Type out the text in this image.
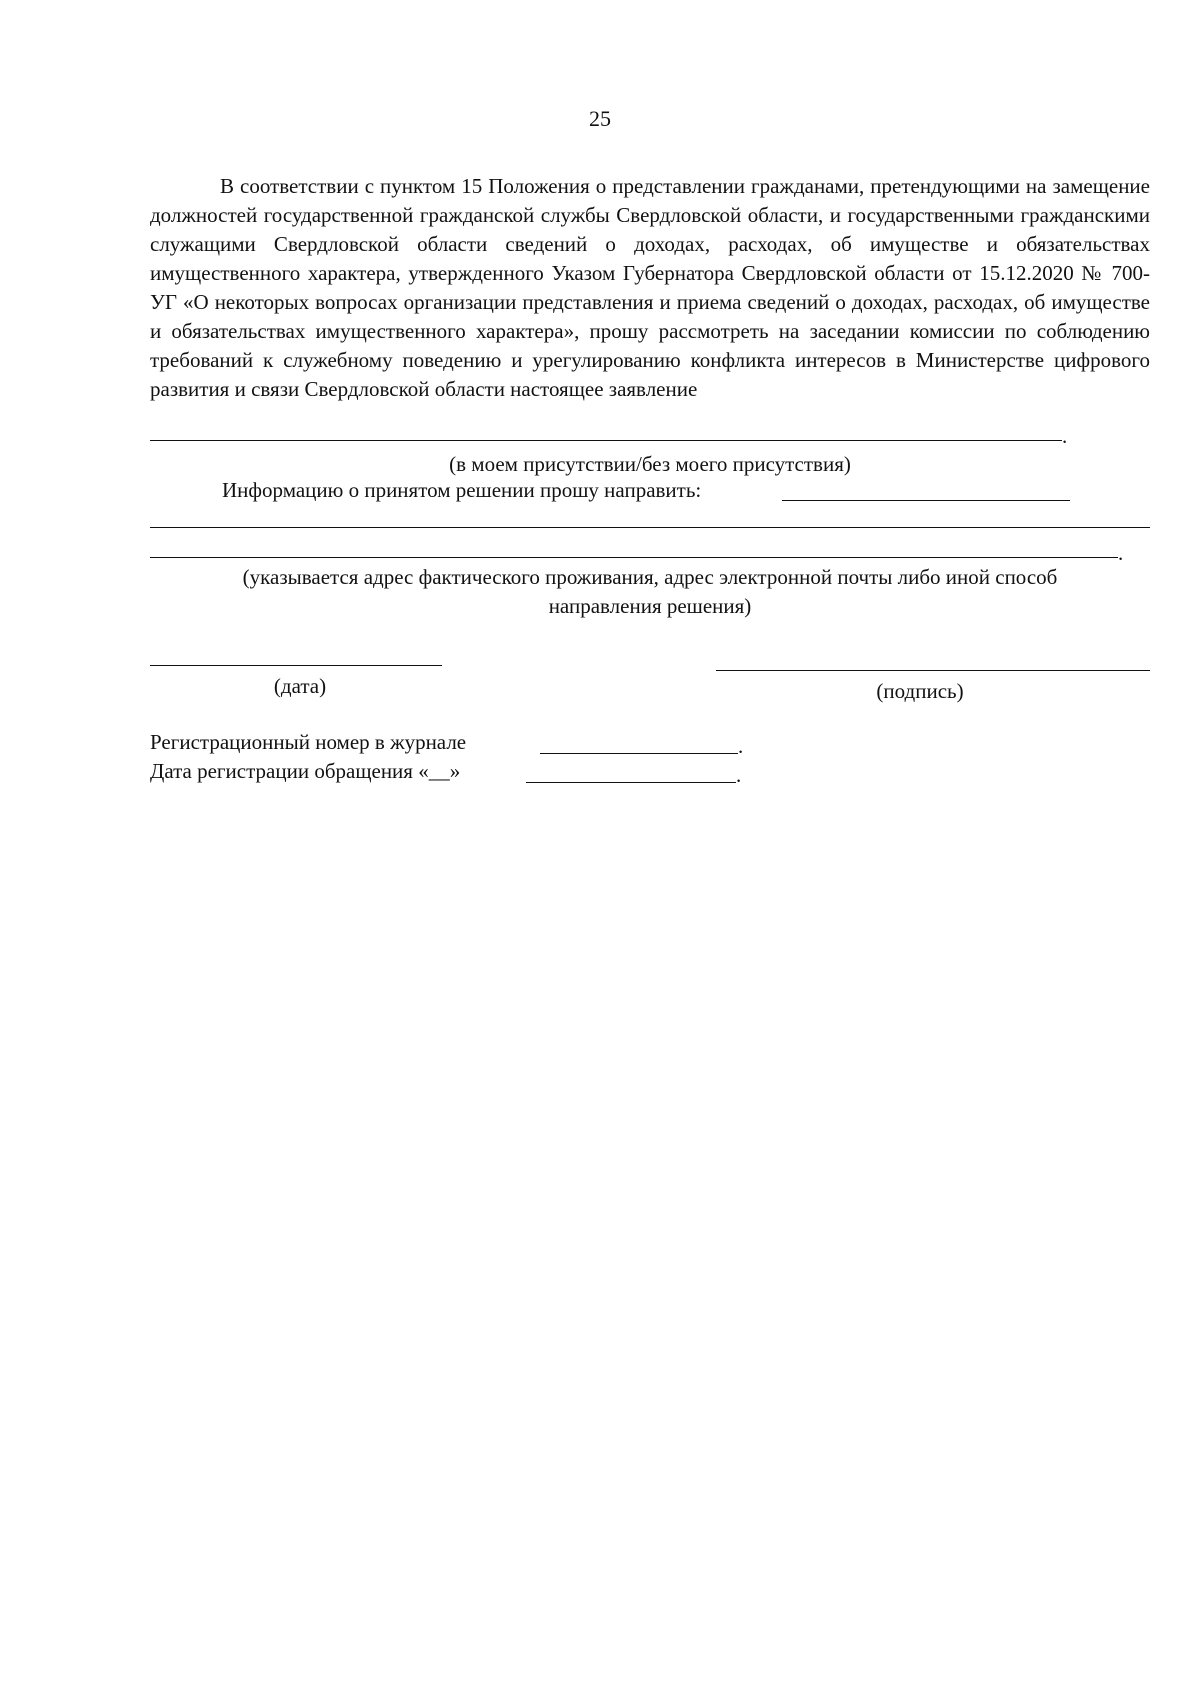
25

В соответствии с пунктом 15 Положения о представлении гражданами, претендующими на замещение должностей государственной гражданской службы Свердловской области, и государственными гражданскими служащими Свердловской области сведений о доходах, расходах, об имуществе и обязательствах имущественного характера, утвержденного Указом Губернатора Свердловской области от 15.12.2020 № 700-УГ «О некоторых вопросах организации представления и приема сведений о доходах, расходах, об имуществе и обязательствах имущественного характера», прошу рассмотреть на заседании комиссии по соблюдению требований к служебному поведению и урегулированию конфликта интересов в Министерстве цифрового развития и связи Свердловской области настоящее заявление

.
(в моем присутствии/без моего присутствия)
Информацию о принятом решении прошу направить:
.
(указывается адрес фактического проживания, адрес электронной почты либо иной способ
направления решения)
(дата)	(подпись)
Регистрационный номер в журнале	.
Дата регистрации обращения «__»	.
